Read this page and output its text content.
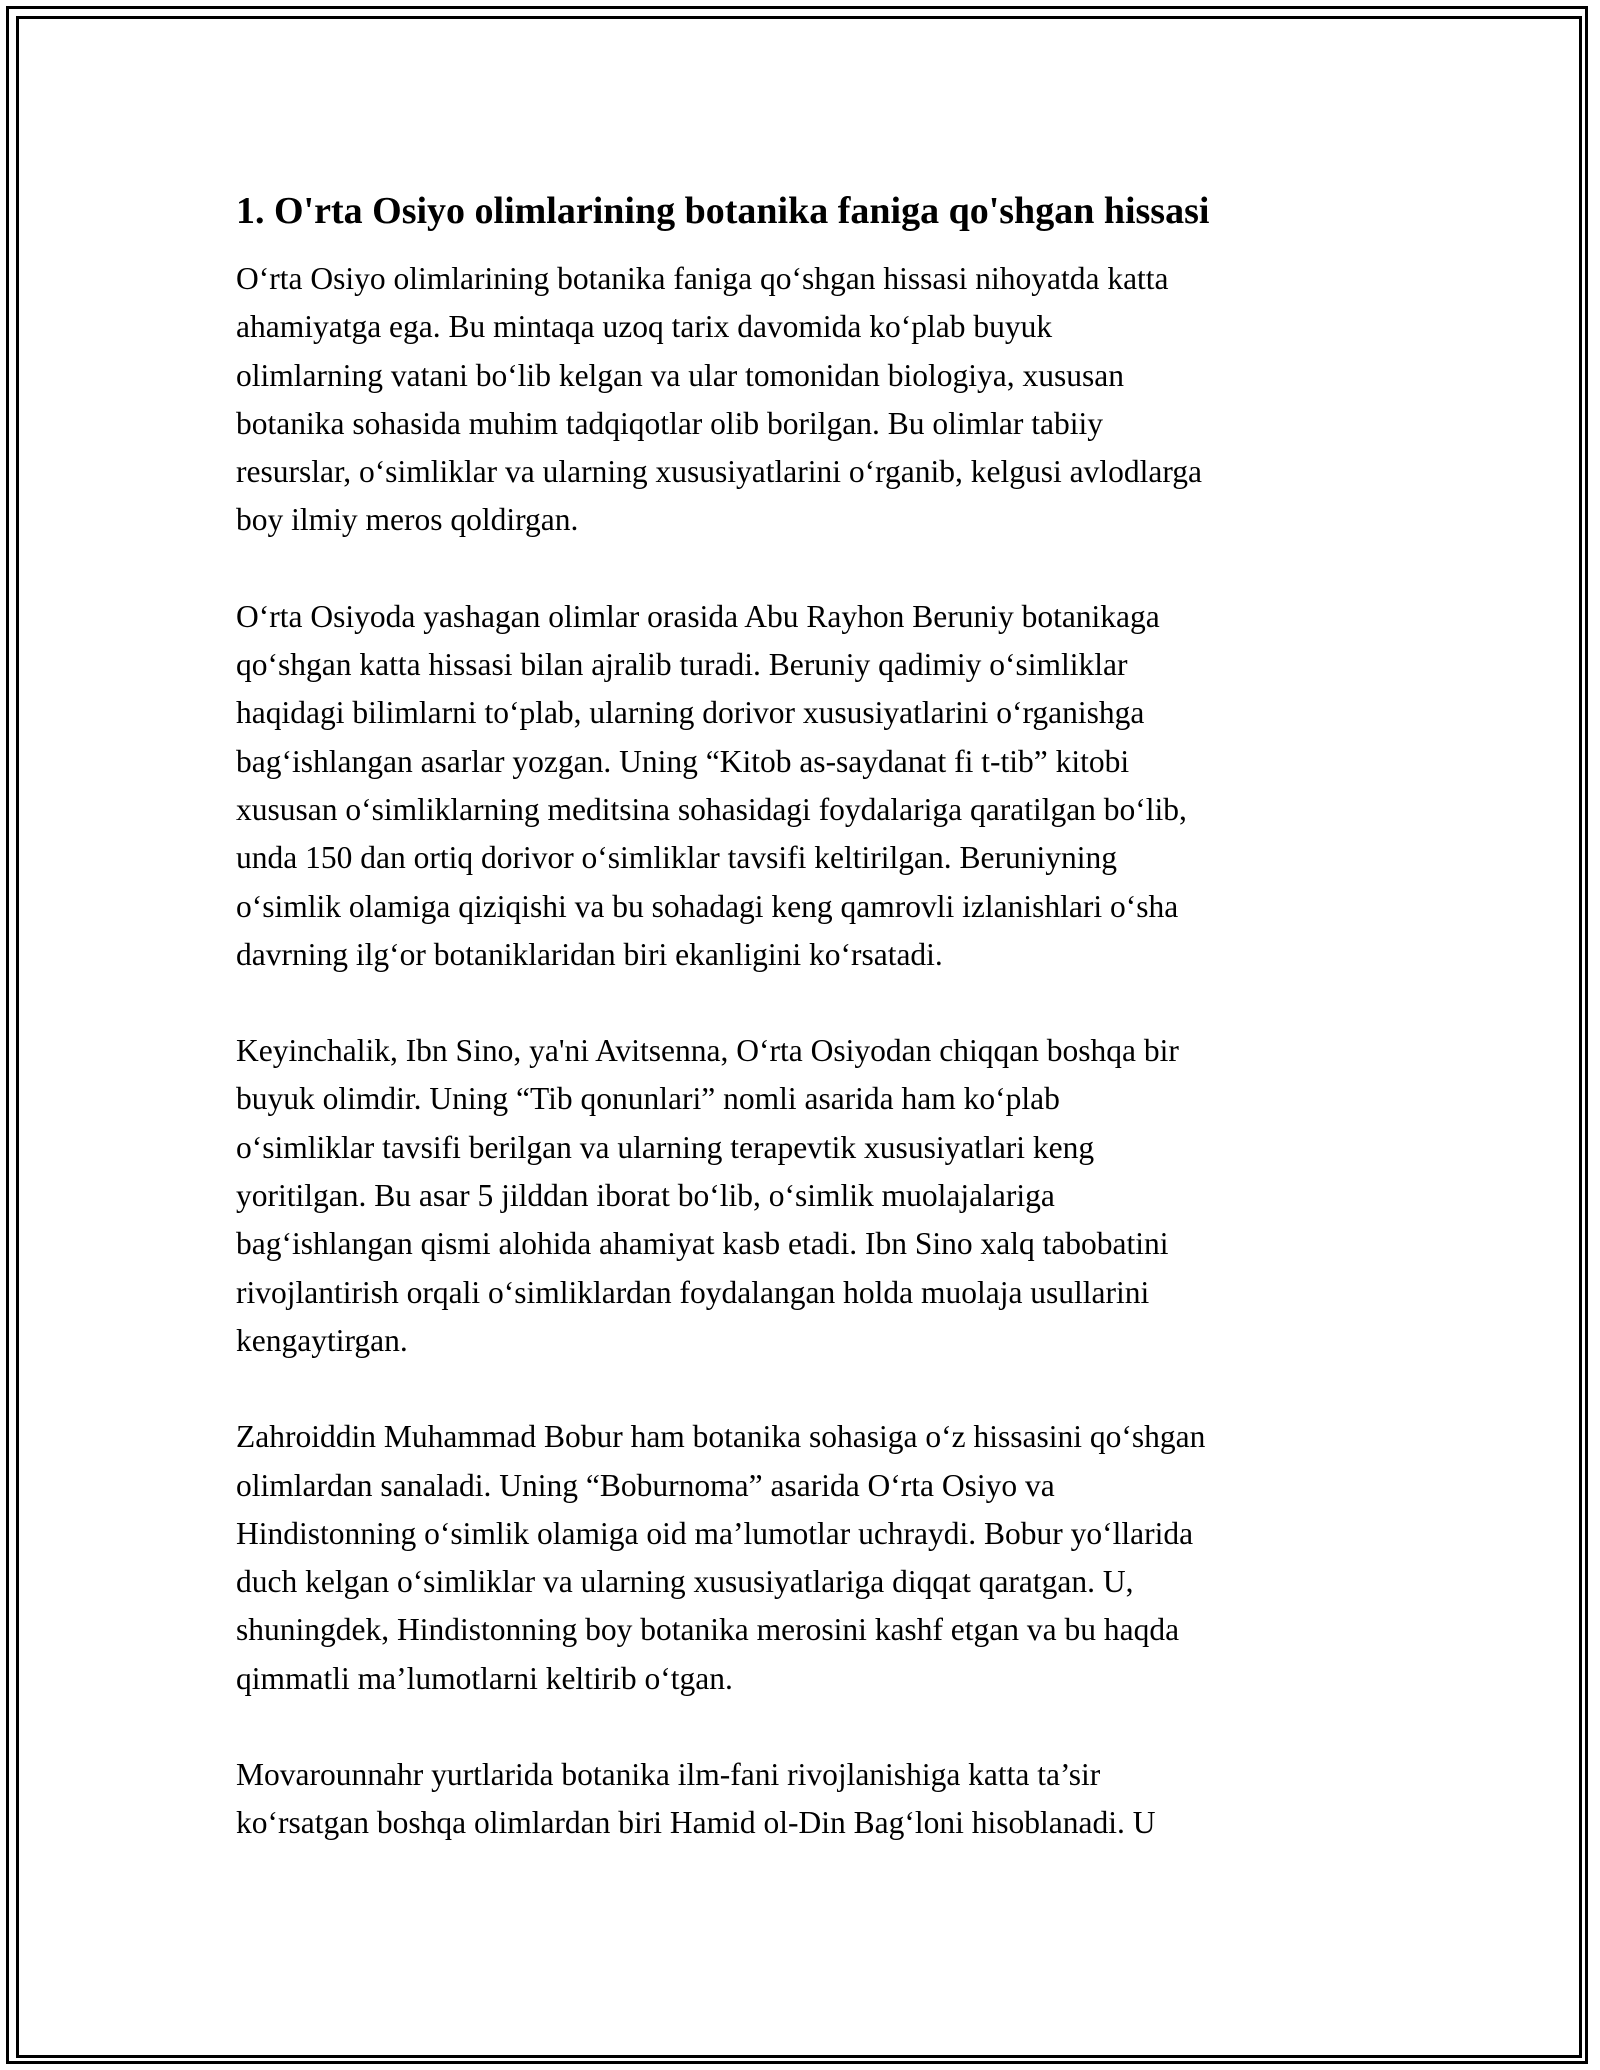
1. O'rta Osiyo olimlarining botanika faniga qo'shgan hissasi
O‘rta Osiyo olimlarining botanika faniga qo‘shgan hissasi nihoyatda katta
ahamiyatga ega. Bu mintaqa uzoq tarix davomida ko‘plab buyuk
olimlarning vatani bo‘lib kelgan va ular tomonidan biologiya, xususan
botanika sohasida muhim tadqiqotlar olib borilgan. Bu olimlar tabiiy
resurslar, o‘simliklar va ularning xususiyatlarini o‘rganib, kelgusi avlodlarga
boy ilmiy meros qoldirgan.
O‘rta Osiyoda yashagan olimlar orasida Abu Rayhon Beruniy botanikaga
qo‘shgan katta hissasi bilan ajralib turadi. Beruniy qadimiy o‘simliklar
haqidagi bilimlarni to‘plab, ularning dorivor xususiyatlarini o‘rganishga
bag‘ishlangan asarlar yozgan. Uning “Kitob as-saydanat fi t-tib” kitobi
xususan o‘simliklarning meditsina sohasidagi foydalariga qaratilgan bo‘lib,
unda 150 dan ortiq dorivor o‘simliklar tavsifi keltirilgan. Beruniyning
o‘simlik olamiga qiziqishi va bu sohadagi keng qamrovli izlanishlari o‘sha
davrning ilg‘or botaniklaridan biri ekanligini ko‘rsatadi.
Keyinchalik, Ibn Sino, ya'ni Avitsenna, O‘rta Osiyodan chiqqan boshqa bir
buyuk olimdir. Uning “Tib qonunlari” nomli asarida ham ko‘plab
o‘simliklar tavsifi berilgan va ularning terapevtik xususiyatlari keng
yoritilgan. Bu asar 5 jilddan iborat bo‘lib, o‘simlik muolajalariga
bag‘ishlangan qismi alohida ahamiyat kasb etadi. Ibn Sino xalq tabobatini
rivojlantirish orqali o‘simliklardan foydalangan holda muolaja usullarini
kengaytirgan.
Zahroiddin Muhammad Bobur ham botanika sohasiga o‘z hissasini qo‘shgan
olimlardan sanaladi. Uning “Boburnoma” asarida O‘rta Osiyo va
Hindistonning o‘simlik olamiga oid ma’lumotlar uchraydi. Bobur yo‘llarida
duch kelgan o‘simliklar va ularning xususiyatlariga diqqat qaratgan. U,
shuningdek, Hindistonning boy botanika merosini kashf etgan va bu haqda
qimmatli ma’lumotlarni keltirib o‘tgan.
Movarounnahr yurtlarida botanika ilm-fani rivojlanishiga katta ta’sir
ko‘rsatgan boshqa olimlardan biri Hamid ol-Din Bag‘loni hisoblanadi. U
